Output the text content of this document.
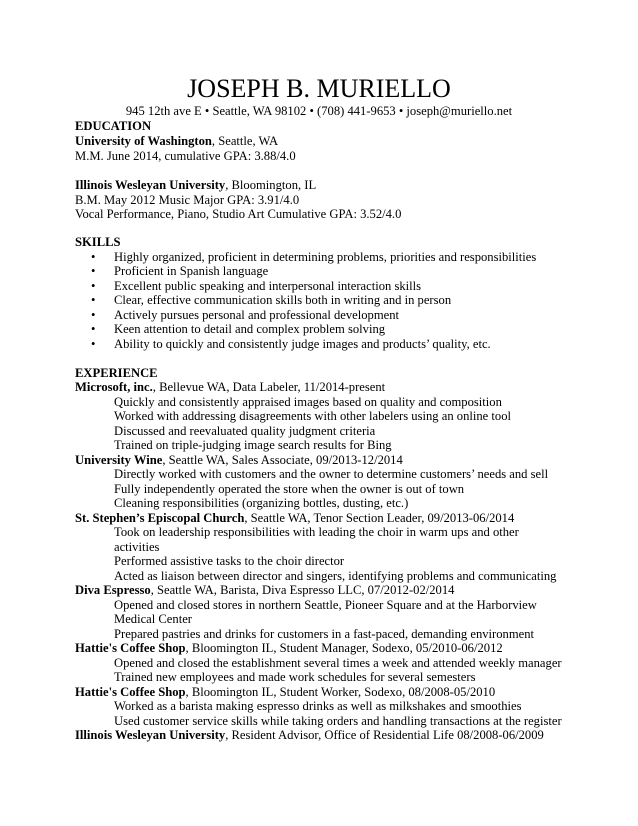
JOSEPH B. MURIELLO
945 12th ave E • Seattle, WA 98102 • (708) 441-9653 • joseph@muriello.net
EDUCATION
University of Washington, Seattle, WA
M.M. June 2014, cumulative GPA: 3.88/4.0
Illinois Wesleyan University, Bloomington, IL
B.M. May 2012 Music Major GPA: 3.91/4.0
Vocal Performance, Piano, Studio Art Cumulative GPA: 3.52/4.0
SKILLS
• Highly organized, proficient in determining problems, priorities and responsibilities
• Proficient in Spanish language
• Excellent public speaking and interpersonal interaction skills
• Clear, effective communication skills both in writing and in person
• Actively pursues personal and professional development
• Keen attention to detail and complex problem solving
• Ability to quickly and consistently judge images and products’ quality, etc.
EXPERIENCE
Microsoft, inc., Bellevue WA, Data Labeler, 11/2014-present
Quickly and consistently appraised images based on quality and composition
Worked with addressing disagreements with other labelers using an online tool
Discussed and reevaluated quality judgment criteria
Trained on triple-judging image search results for Bing
University Wine, Seattle WA, Sales Associate, 09/2013-12/2014
Directly worked with customers and the owner to determine customers’ needs and sell
Fully independently operated the store when the owner is out of town
Cleaning responsibilities (organizing bottles, dusting, etc.)
St. Stephen’s Episcopal Church, Seattle WA, Tenor Section Leader, 09/2013-06/2014
Took on leadership responsibilities with leading the choir in warm ups and other
activities
Performed assistive tasks to the choir director
Acted as liaison between director and singers, identifying problems and communicating
Diva Espresso, Seattle WA, Barista, Diva Espresso LLC, 07/2012-02/2014
Opened and closed stores in northern Seattle, Pioneer Square and at the Harborview
Medical Center
Prepared pastries and drinks for customers in a fast-paced, demanding environment
Hattie's Coffee Shop, Bloomington IL, Student Manager, Sodexo, 05/2010-06/2012
Opened and closed the establishment several times a week and attended weekly manager
Trained new employees and made work schedules for several semesters
Hattie's Coffee Shop, Bloomington IL, Student Worker, Sodexo, 08/2008-05/2010
Worked as a barista making espresso drinks as well as milkshakes and smoothies
Used customer service skills while taking orders and handling transactions at the register
Illinois Wesleyan University, Resident Advisor, Office of Residential Life 08/2008-06/2009
